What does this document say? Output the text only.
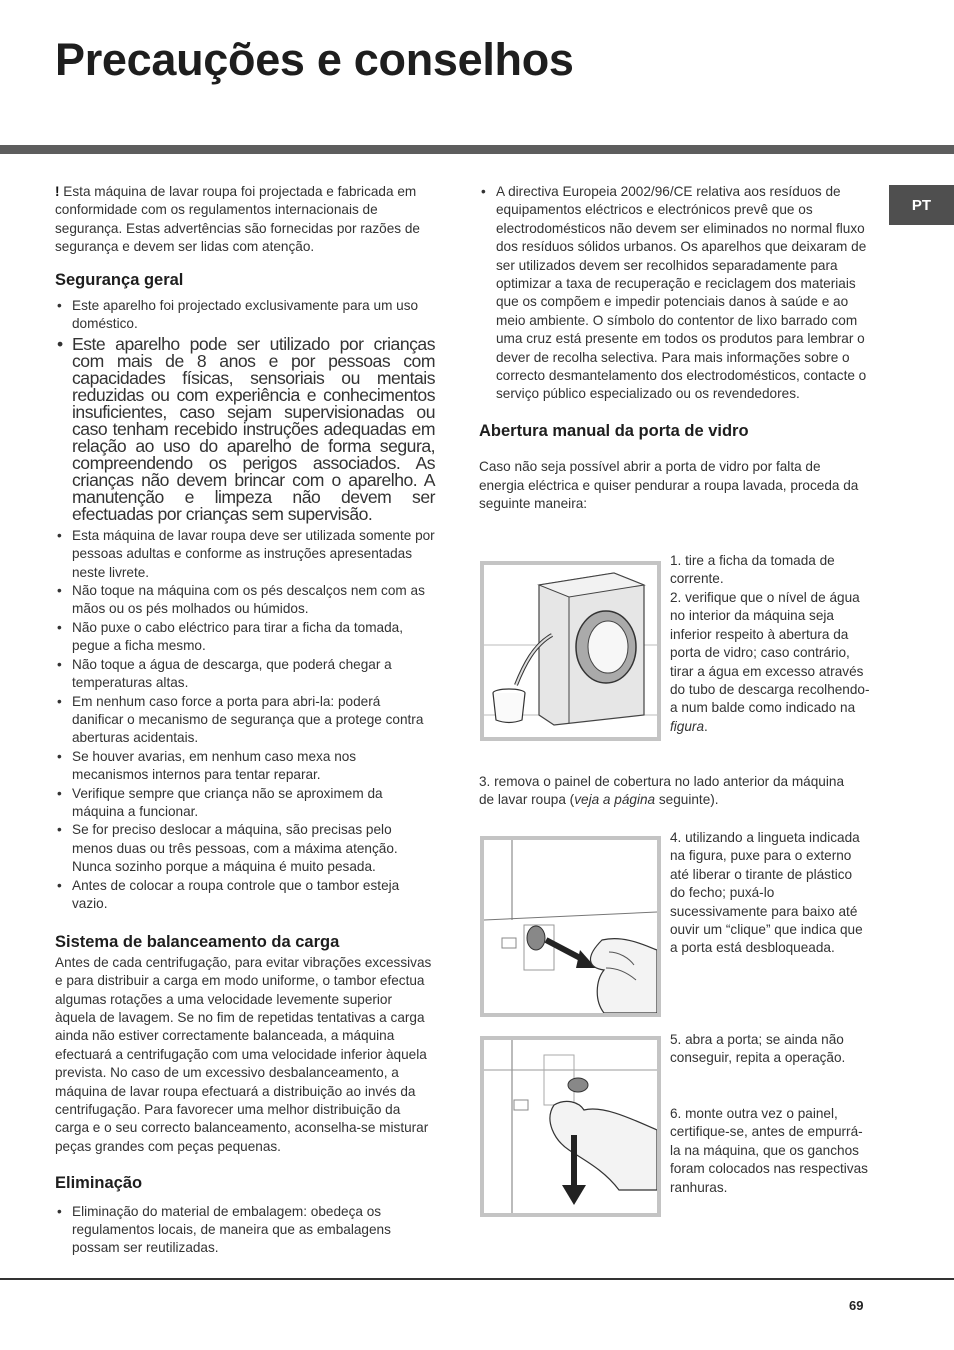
Precauções e conselhos
PT

! Esta máquina de lavar roupa foi projectada e fabricada em conformidade com os regulamentos internacionais de segurança. Estas advertências são fornecidas por razões de segurança e devem ser lidas com atenção.

Segurança geral
• Este aparelho foi projectado exclusivamente para um uso doméstico.
• Este aparelho pode ser utilizado por crianças com mais de 8 anos e por pessoas com capacidades físicas, sensoriais ou mentais reduzidas ou com experiência e conhecimentos insuficientes, caso sejam supervisionadas ou caso tenham recebido instruções adequadas em relação ao uso do aparelho de forma segura, compreendendo os perigos associados. As crianças não devem brincar com o aparelho. A manutenção e limpeza não devem ser efectuadas por crianças sem supervisão.
• Esta máquina de lavar roupa deve ser utilizada somente por pessoas adultas e conforme as instruções apresentadas neste livrete.
• Não toque na máquina com os pés descalços nem com as mãos ou os pés molhados ou húmidos.
• Não puxe o cabo eléctrico para tirar a ficha da tomada, pegue a ficha mesmo.
• Não toque a água de descarga, que poderá chegar a temperaturas altas.
• Em nenhum caso force a porta para abri-la: poderá danificar o mecanismo de segurança que a protege contra aberturas acidentais.
• Se houver avarias, em nenhum caso mexa nos mecanismos internos para tentar reparar.
• Verifique sempre que criança não se aproximem da máquina a funcionar.
• Se for preciso deslocar a máquina, são precisas pelo menos duas ou três pessoas, com a máxima atenção. Nunca sozinho porque a máquina é muito pesada.
• Antes de colocar a roupa controle que o tambor esteja vazio.
Sistema de balanceamento da carga

Antes de cada centrifugação, para evitar vibrações excessivas e para distribuir a carga em modo uniforme, o tambor efectua algumas rotações a uma velocidade levemente superior àquela de lavagem. Se no fim de repetidas tentativas a carga ainda não estiver correctamente balanceada, a máquina efectuará a centrifugação com uma velocidade inferior àquela prevista. No caso de um excessivo desbalanceamento, a máquina de lavar roupa efectuará a distribuição ao invés da centrifugação. Para favorecer uma melhor distribuição da carga e o seu correcto balanceamento, aconselha-se misturar peças grandes com peças pequenas.

Eliminação
• Eliminação do material de embalagem: obedeça os regulamentos locais, de maneira que as embalagens possam ser reutilizadas.
• A directiva Europeia 2002/96/CE relativa aos resíduos de equipamentos eléctricos e electrónicos prevê que os electrodomésticos não devem ser eliminados no normal fluxo dos resíduos sólidos urbanos. Os aparelhos que deixaram de ser utilizados devem ser recolhidos separadamente para optimizar a taxa de recuperação e reciclagem dos materiais que os compõem e impedir potenciais danos à saúde e ao meio ambiente. O símbolo do contentor de lixo barrado com uma cruz está presente em todos os produtos para lembrar o dever de recolha selectiva. Para mais informações sobre o correcto desmantelamento dos electrodomésticos, contacte o serviço público especializado ou os revendedores.
Abertura manual da porta de vidro

Caso não seja possível abrir a porta de vidro por falta de energia eléctrica e quiser pendurar a roupa lavada, proceda da seguinte maneira:

1. tire a ficha da tomada de corrente.
2. verifique que o nível de água no interior da máquina seja inferior respeito à abertura da porta de vidro; caso contrário, tirar a água em excesso através do tubo de descarga recolhendo-a num balde como indicado na figura.
3. remova o painel de cobertura no lado anterior da máquina de lavar roupa (veja a página seguinte).
4. utilizando a lingueta indicada na figura, puxe para o externo até liberar o tirante de plástico do fecho; puxá-lo sucessivamente para baixo até ouvir um “clique” que indica que a porta está desbloqueada.
5. abra a porta; se ainda não conseguir, repita a operação.
6. monte outra vez o painel, certifique-se, antes de empurrá-la na máquina, que os ganchos foram colocados nas respectivas ranhuras.
69
